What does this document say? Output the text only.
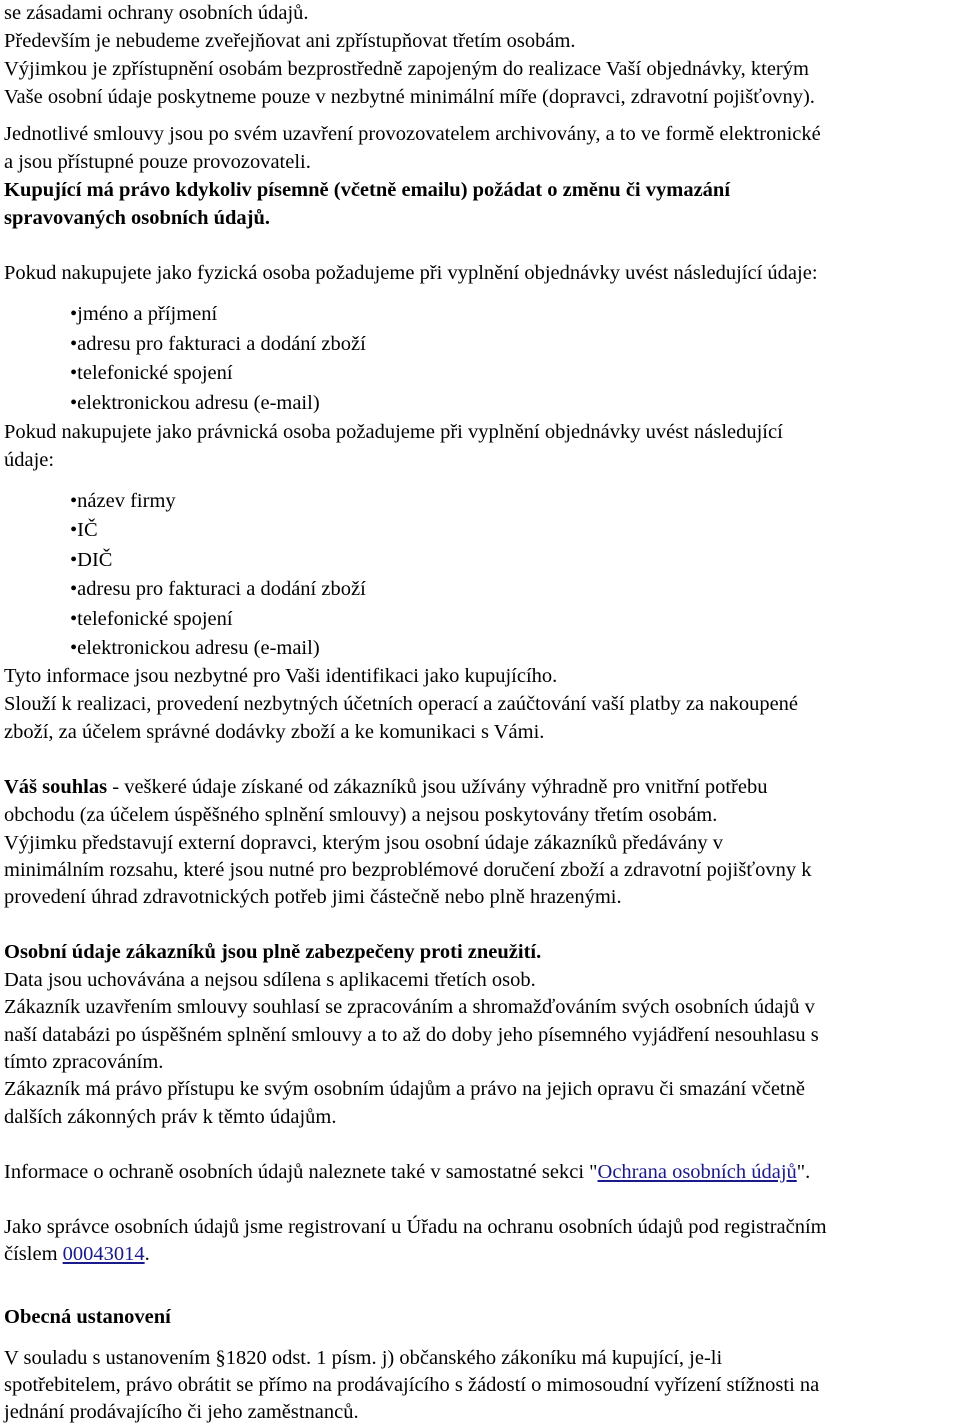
se zásadami ochrany osobních údajů.
Především je nebudeme zveřejňovat ani zpřístupňovat třetím osobám.
Výjimkou je zpřístupnění osobám bezprostředně zapojeným do realizace Vaší objednávky, kterým
Vaše osobní údaje poskytneme pouze v nezbytné minimální míře (dopravci, zdravotní pojišťovny).
Jednotlivé smlouvy jsou po svém uzavření provozovatelem archivovány, a to ve formě elektronické
a jsou přístupné pouze provozovateli.
Kupující má právo kdykoliv písemně (včetně emailu) požádat o změnu či vymazání
spravovaných osobních údajů.
Pokud nakupujete jako fyzická osoba požadujeme při vyplnění objednávky uvést následující údaje:
•jméno a příjmení
•adresu pro fakturaci a dodání zboží
•telefonické spojení
•elektronickou adresu (e-mail)
Pokud nakupujete jako právnická osoba požadujeme při vyplnění objednávky uvést následující
údaje:
•název firmy
•IČ
•DIČ
•adresu pro fakturaci a dodání zboží
•telefonické spojení
•elektronickou adresu (e-mail)
Tyto informace jsou nezbytné pro Vaši identifikaci jako kupujícího.
Slouží k realizaci, provedení nezbytných účetních operací a zaúčtování vaší platby za nakoupené
zboží, za účelem správné dodávky zboží a ke komunikaci s Vámi.
Váš souhlas - veškeré údaje získané od zákazníků jsou užívány výhradně pro vnitřní potřebu
obchodu (za účelem úspěšného splnění smlouvy) a nejsou poskytovány třetím osobám.
Výjimku představují externí dopravci, kterým jsou osobní údaje zákazníků předávány v
minimálním rozsahu, které jsou nutné pro bezproblémové doručení zboží a zdravotní pojišťovny k
provedení úhrad zdravotnických potřeb jimi částečně nebo plně hrazenými.
Osobní údaje zákazníků jsou plně zabezpečeny proti zneužití.
Data jsou uchovávána a nejsou sdílena s aplikacemi třetích osob.
Zákazník uzavřením smlouvy souhlasí se zpracováním a shromažďováním svých osobních údajů v
naší databázi po úspěšném splnění smlouvy a to až do doby jeho písemného vyjádření nesouhlasu s
tímto zpracováním.
Zákazník má právo přístupu ke svým osobním údajům a právo na jejich opravu či smazání včetně
dalších zákonných práv k těmto údajům.
Informace o ochraně osobních údajů naleznete také v samostatné sekci "Ochrana osobních údajů".
Jako správce osobních údajů jsme registrovaní u Úřadu na ochranu osobních údajů pod registračním
číslem 00043014.
Obecná ustanovení
V souladu s ustanovením §1820 odst. 1 písm. j) občanského zákoníku má kupující, je-li
spotřebitelem, právo obrátit se přímo na prodávajícího s žádostí o mimosoudní vyřízení stížnosti na
jednání prodávajícího či jeho zaměstnanců.
